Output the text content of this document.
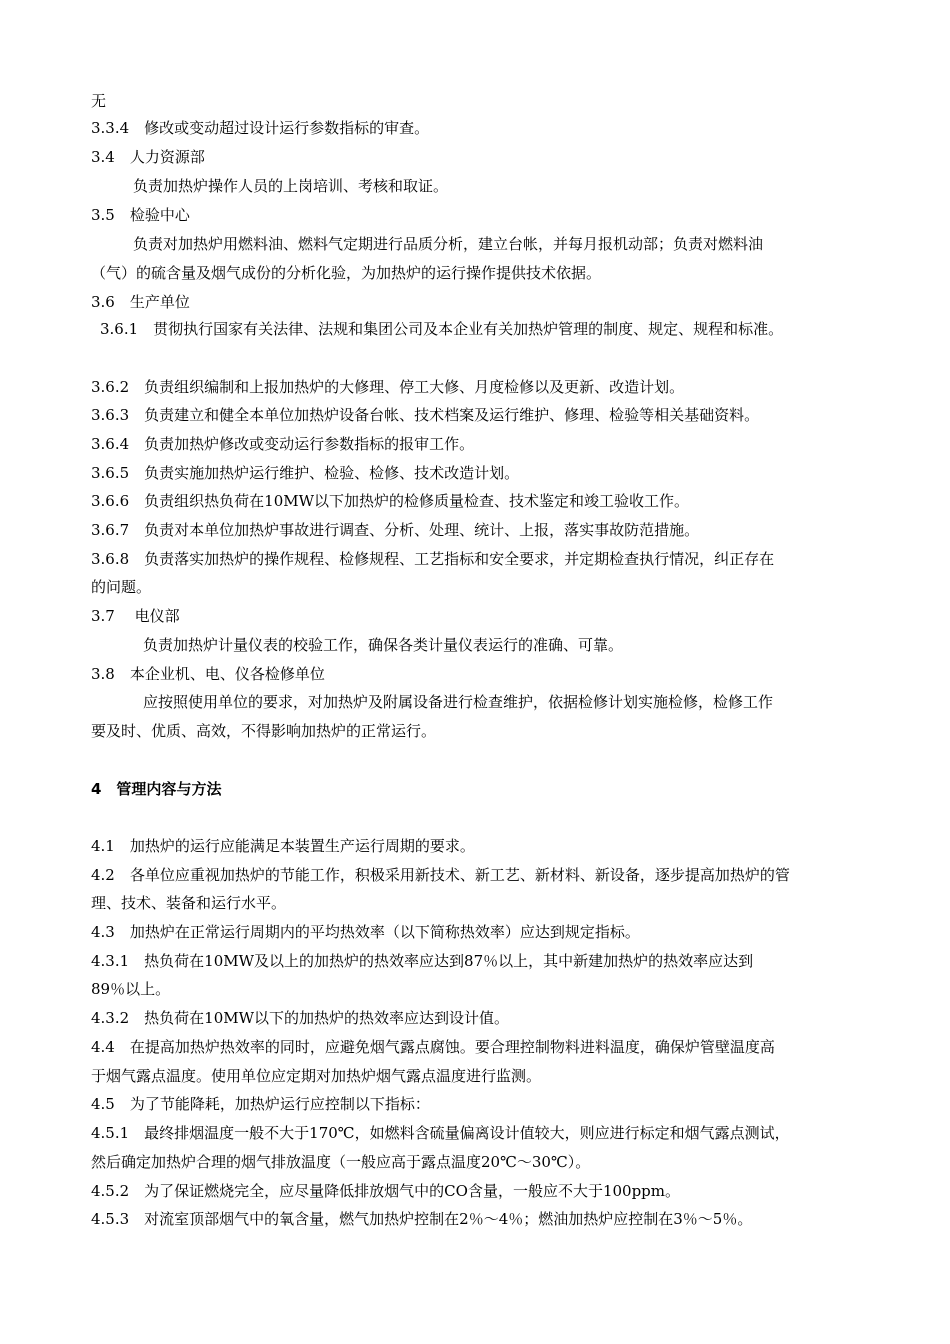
无
3.3.4　修改或变动超过设计运行参数指标的审查。
3.4　人力资源部
负责加热炉操作人员的上岗培训、考核和取证。
3.5　检验中心
负责对加热炉用燃料油、燃料气定期进行品质分析，建立台帐，并每月报机动部；负责对燃料油
（气）的硫含量及烟气成份的分析化验，为加热炉的运行操作提供技术依据。
3.6　生产单位
3.6.1　贯彻执行国家有关法律、法规和集团公司及本企业有关加热炉管理的制度、规定、规程和标准。
3.6.2　负责组织编制和上报加热炉的大修理、停工大修、月度检修以及更新、改造计划。
3.6.3　负责建立和健全本单位加热炉设备台帐、技术档案及运行维护、修理、检验等相关基础资料。
3.6.4　负责加热炉修改或变动运行参数指标的报审工作。
3.6.5　负责实施加热炉运行维护、检验、检修、技术改造计划。
3.6.6　负责组织热负荷在10MW以下加热炉的检修质量检查、技术鉴定和竣工验收工作。
3.6.7　负责对本单位加热炉事故进行调查、分析、处理、统计、上报，落实事故防范措施。
3.6.8　负责落实加热炉的操作规程、检修规程、工艺指标和安全要求，并定期检查执行情况，纠正存在
的问题。
3.7　 电仪部
负责加热炉计量仪表的校验工作，确保各类计量仪表运行的准确、可靠。
3.8　本企业机、电、仪各检修单位
应按照使用单位的要求，对加热炉及附属设备进行检查维护，依据检修计划实施检修，检修工作
要及时、优质、高效，不得影响加热炉的正常运行。
4　管理内容与方法
4.1　加热炉的运行应能满足本装置生产运行周期的要求。
4.2　各单位应重视加热炉的节能工作，积极采用新技术、新工艺、新材料、新设备，逐步提高加热炉的管
理、技术、装备和运行水平。
4.3　加热炉在正常运行周期内的平均热效率（以下简称热效率）应达到规定指标。
4.3.1　热负荷在10MW及以上的加热炉的热效率应达到87％以上，其中新建加热炉的热效率应达到
89％以上。
4.3.2　热负荷在10MW以下的加热炉的热效率应达到设计值。
4.4　在提高加热炉热效率的同时，应避免烟气露点腐蚀。要合理控制物料进料温度，确保炉管壁温度高
于烟气露点温度。使用单位应定期对加热炉烟气露点温度进行监测。
4.5　为了节能降耗，加热炉运行应控制以下指标：
4.5.1　最终排烟温度一般不大于170℃，如燃料含硫量偏离设计值较大，则应进行标定和烟气露点测试，
然后确定加热炉合理的烟气排放温度（一般应高于露点温度20℃～30℃）。
4.5.2　为了保证燃烧完全，应尽量降低排放烟气中的CO含量，一般应不大于100ppm。
4.5.3　对流室顶部烟气中的氧含量，燃气加热炉控制在2％～4％；燃油加热炉应控制在3％～5％。
